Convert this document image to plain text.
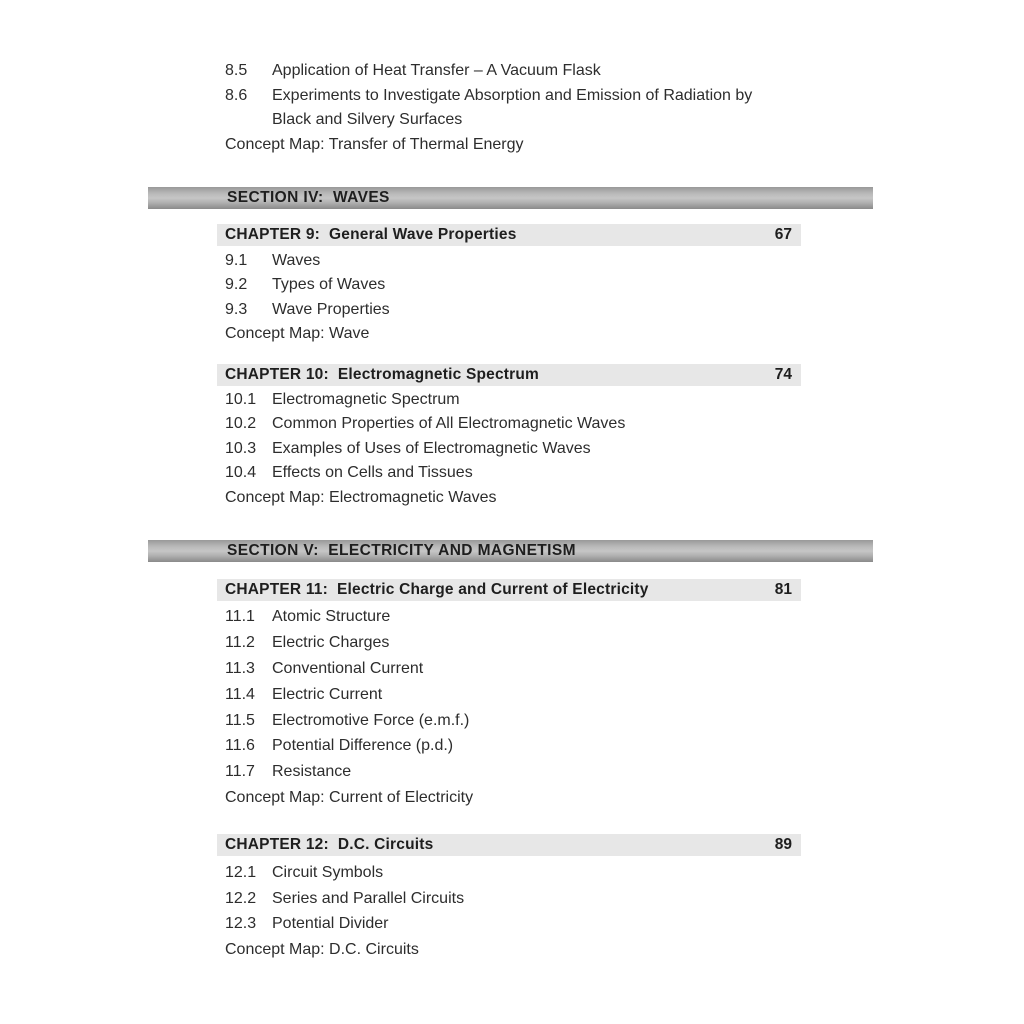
8.5	Application of Heat Transfer – A Vacuum Flask
8.6	Experiments to Investigate Absorption and Emission of Radiation by
Black and Silvery Surfaces
Concept Map: Transfer of Thermal Energy
SECTION IV:  WAVES
CHAPTER 9:  General Wave Properties	67
9.1	Waves
9.2	Types of Waves
9.3	Wave Properties
Concept Map: Wave
CHAPTER 10:  Electromagnetic Spectrum	74
10.1 Electromagnetic Spectrum
10.2 Common Properties of All Electromagnetic Waves
10.3 Examples of Uses of Electromagnetic Waves
10.4 Effects on Cells and Tissues
Concept Map: Electromagnetic Waves
SECTION V:  ELECTRICITY AND MAGNETISM
CHAPTER 11:  Electric Charge and Current of Electricity	81
11.1	Atomic Structure
11.2	Electric Charges
11.3	Conventional Current
11.4	Electric Current
11.5	Electromotive Force (e.m.f.)
11.6	Potential Difference (p.d.)
11.7	Resistance
Concept Map: Current of Electricity
CHAPTER 12:  D.C. Circuits	89
12.1 Circuit Symbols
12.2 Series and Parallel Circuits
12.3 Potential Divider
Concept Map: D.C. Circuits
